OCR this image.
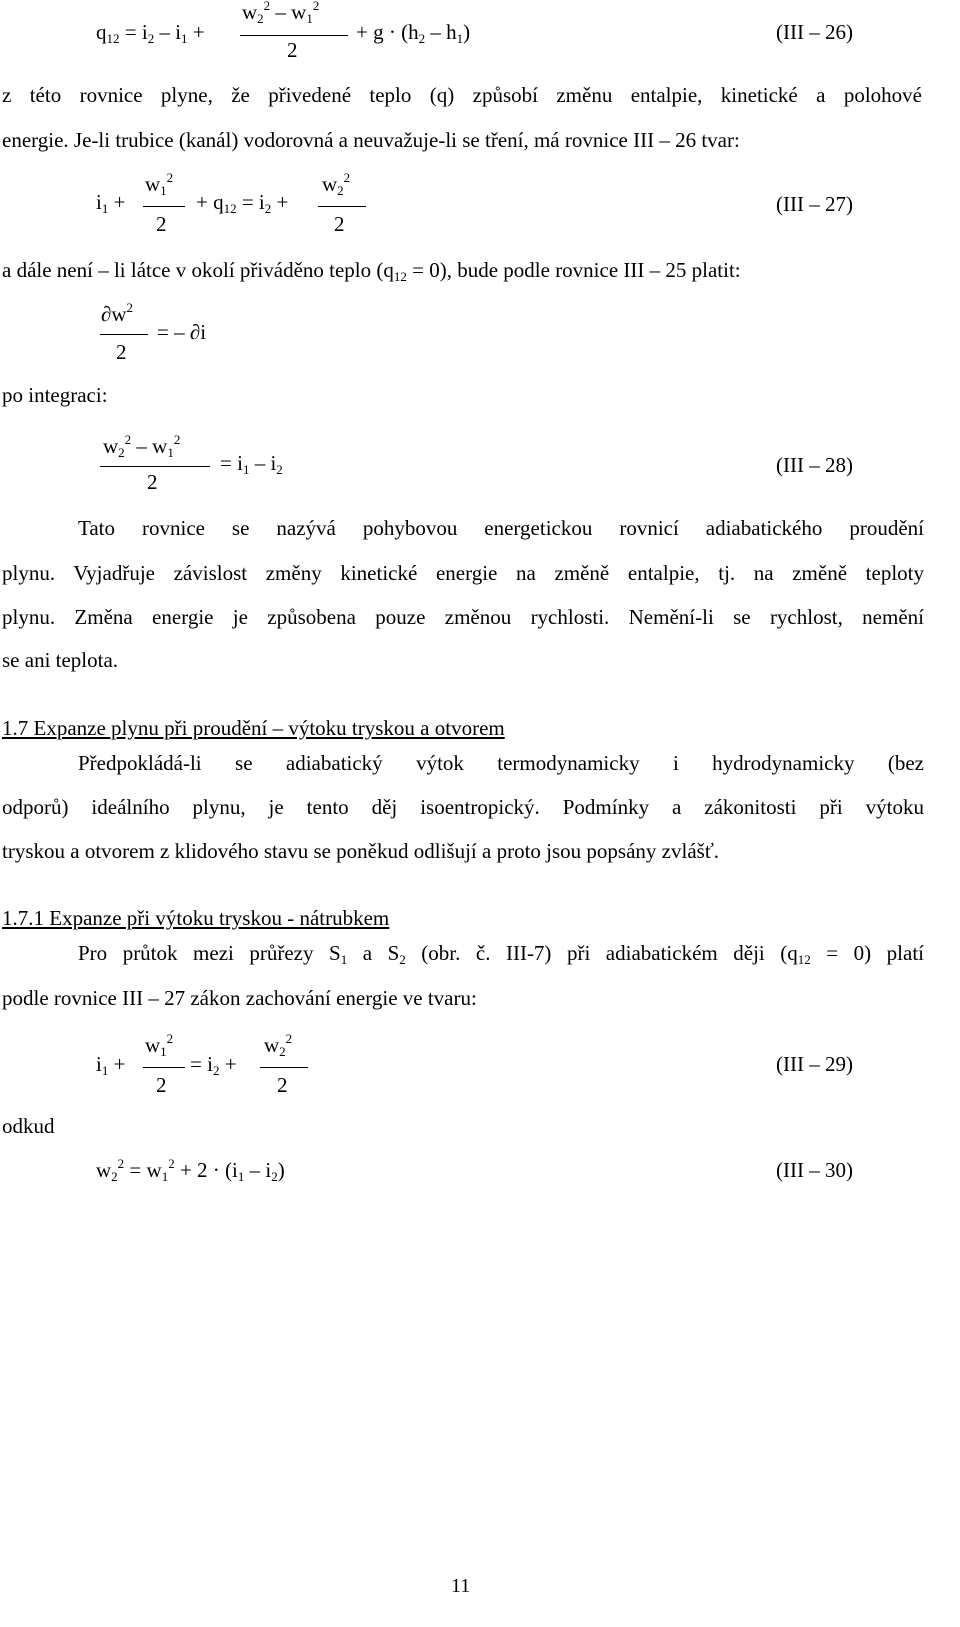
$q_{12} = i_2 - i_1$ +
$w_2^2 - w_1^2$
2
+ $g \cdot (h_2 - h_1)$	(III – 26)
z této rovnice plyne, že přivedené teplo (q) způsobí změnu entalpie, kinetické a polohové
energie. Je-li trubice (kanál) vodorovná a neuvažuje-li se tření, má rovnice III – 26 tvar:
$i_1$ +
$w_1^2$
2
+ $q_{12} = i_2$ +
$w_2^2$
2
(III – 27)
a dále není – li látce v okolí přiváděno teplo $(q_{12} = 0)$, bude podle rovnice III – 25 platit:
$\partial w^2$
2
= – ∂i
po integraci:
$w_2^2 - w_1^2$
2
= $i_1 - i_2$	(III – 28)
Tato rovnice se nazývá pohybovou energetickou rovnicí adiabatického proudění
plynu. Vyjadřuje závislost změny kinetické energie na změně entalpie, tj. na změně teploty
plynu. Změna energie je způsobena pouze změnou rychlosti. Nemění-li se rychlost, nemění
se ani teplota.
1.7 Expanze plynu při proudění – výtoku tryskou a otvorem
Předpokládá-li se adiabatický výtok termodynamicky i hydrodynamicky (bez
odporů) ideálního plynu, je tento děj isoentropický. Podmínky a zákonitosti při výtoku
tryskou a otvorem z klidového stavu se poněkud odlišují a proto jsou popsány zvlášť.
1.7.1 Expanze při výtoku tryskou - nátrubkem
Pro průtok mezi průřezy $S_1$ a $S_2$ (obr. č. III-7) při adiabatickém ději $(q_{12} = 0)$ platí
podle rovnice III – 27 zákon zachování energie ve tvaru:
$i_1$ +
$w_1^2$
2
= $i_2$ +
$w_2^2$
2
(III – 29)
odkud
$w_2^2 = w_1^2 + 2 \cdot (i_1 - i_2)$	(III – 30)
11
